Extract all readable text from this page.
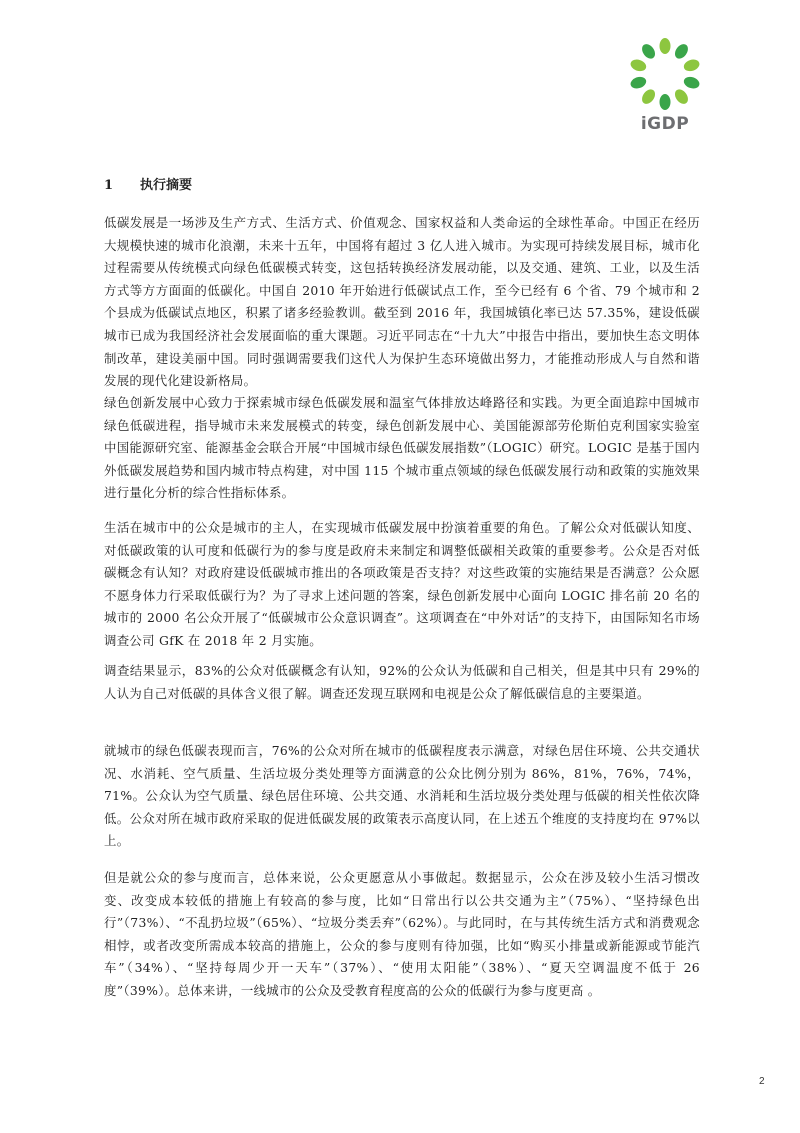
iGDP
1 执行摘要

低碳发展是一场涉及生产方式、生活方式、价值观念、国家权益和人类命运的全球性革命。中国正在经历大规模快速的城市化浪潮，未来十五年，中国将有超过 3 亿人进入城市。为实现可持续发展目标，城市化过程需要从传统模式向绿色低碳模式转变，这包括转换经济发展动能，以及交通、建筑、工业，以及生活方式等方方面面的低碳化。中国自 2010 年开始进行低碳试点工作，至今已经有 6 个省、79 个城市和 2 个县成为低碳试点地区，积累了诸多经验教训。截至到 2016 年，我国城镇化率已达 57.35%，建设低碳城市已成为我国经济社会发展面临的重大课题。习近平同志在“十九大”中报告中指出，要加快生态文明体制改革，建设美丽中国。同时强调需要我们这代人为保护生态环境做出努力，才能推动形成人与自然和谐发展的现代化建设新格局。

绿色创新发展中心致力于探索城市绿色低碳发展和温室气体排放达峰路径和实践。为更全面追踪中国城市绿色低碳进程，指导城市未来发展模式的转变，绿色创新发展中心、美国能源部劳伦斯伯克利国家实验室中国能源研究室、能源基金会联合开展“中国城市绿色低碳发展指数”（LOGIC）研究。LOGIC 是基于国内外低碳发展趋势和国内城市特点构建，对中国 115 个城市重点领域的绿色低碳发展行动和政策的实施效果进行量化分析的综合性指标体系。

生活在城市中的公众是城市的主人，在实现城市低碳发展中扮演着重要的角色。了解公众对低碳认知度、对低碳政策的认可度和低碳行为的参与度是政府未来制定和调整低碳相关政策的重要参考。公众是否对低碳概念有认知？对政府建设低碳城市推出的各项政策是否支持？对这些政策的实施结果是否满意？公众愿不愿身体力行采取低碳行为？为了寻求上述问题的答案，绿色创新发展中心面向 LOGIC 排名前 20 名的城市的 2000 名公众开展了“低碳城市公众意识调查”。这项调查在“中外对话”的支持下，由国际知名市场调查公司 GfK 在 2018 年 2 月实施。

调查结果显示，83%的公众对低碳概念有认知，92%的公众认为低碳和自己相关，但是其中只有 29%的人认为自己对低碳的具体含义很了解。调查还发现互联网和电视是公众了解低碳信息的主要渠道。

就城市的绿色低碳表现而言，76%的公众对所在城市的低碳程度表示满意，对绿色居住环境、公共交通状况、水消耗、空气质量、生活垃圾分类处理等方面满意的公众比例分别为 86%，81%，76%，74%，71%。公众认为空气质量、绿色居住环境、公共交通、水消耗和生活垃圾分类处理与低碳的相关性依次降低。公众对所在城市政府采取的促进低碳发展的政策表示高度认同，在上述五个维度的支持度均在 97%以上。

但是就公众的参与度而言，总体来说，公众更愿意从小事做起。数据显示，公众在涉及较小生活习惯改变、改变成本较低的措施上有较高的参与度，比如“日常出行以公共交通为主”（75%）、“坚持绿色出行”（73%）、“不乱扔垃圾”（65%）、“垃圾分类丢弃”（62%）。与此同时，在与其传统生活方式和消费观念相悖，或者改变所需成本较高的措施上，公众的参与度则有待加强，比如“购买小排量或新能源或节能汽车”（34%）、“坚持每周少开一天车”（37%）、“使用太阳能”（38%）、“夏天空调温度不低于 26 度”（39%）。总体来讲，一线城市的公众及受教育程度高的公众的低碳行为参与度更高 。

2
